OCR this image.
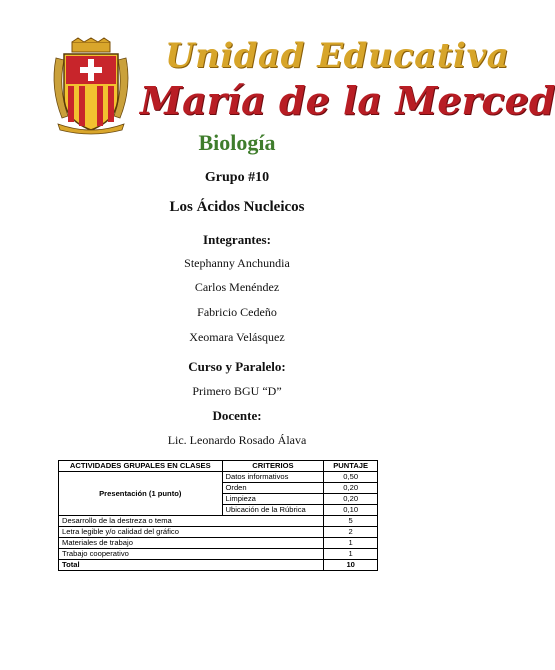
Unidad Educativa
María de la Merced
Biología
Grupo #10
Los Ácidos Nucleicos
Integrantes:
Stephanny Anchundia
Carlos Menéndez
Fabricio Cedeño
Xeomara Velásquez
Curso y Paralelo:
Primero BGU “D”
Docente:
Lic. Leonardo Rosado Álava
ACTIVIDADES GRUPALES EN CLASES	CRITERIOS	PUNTAJE
Presentación (1 punto)	Datos informativos	0,50
	Orden	0,20
	Limpieza	0,20
	Ubicación de la Rúbrica	0,10
Desarrollo de la destreza o tema		5
Letra legible y/o calidad del gráfico		2
Materiales de trabajo		1
Trabajo cooperativo		1
Total		10
